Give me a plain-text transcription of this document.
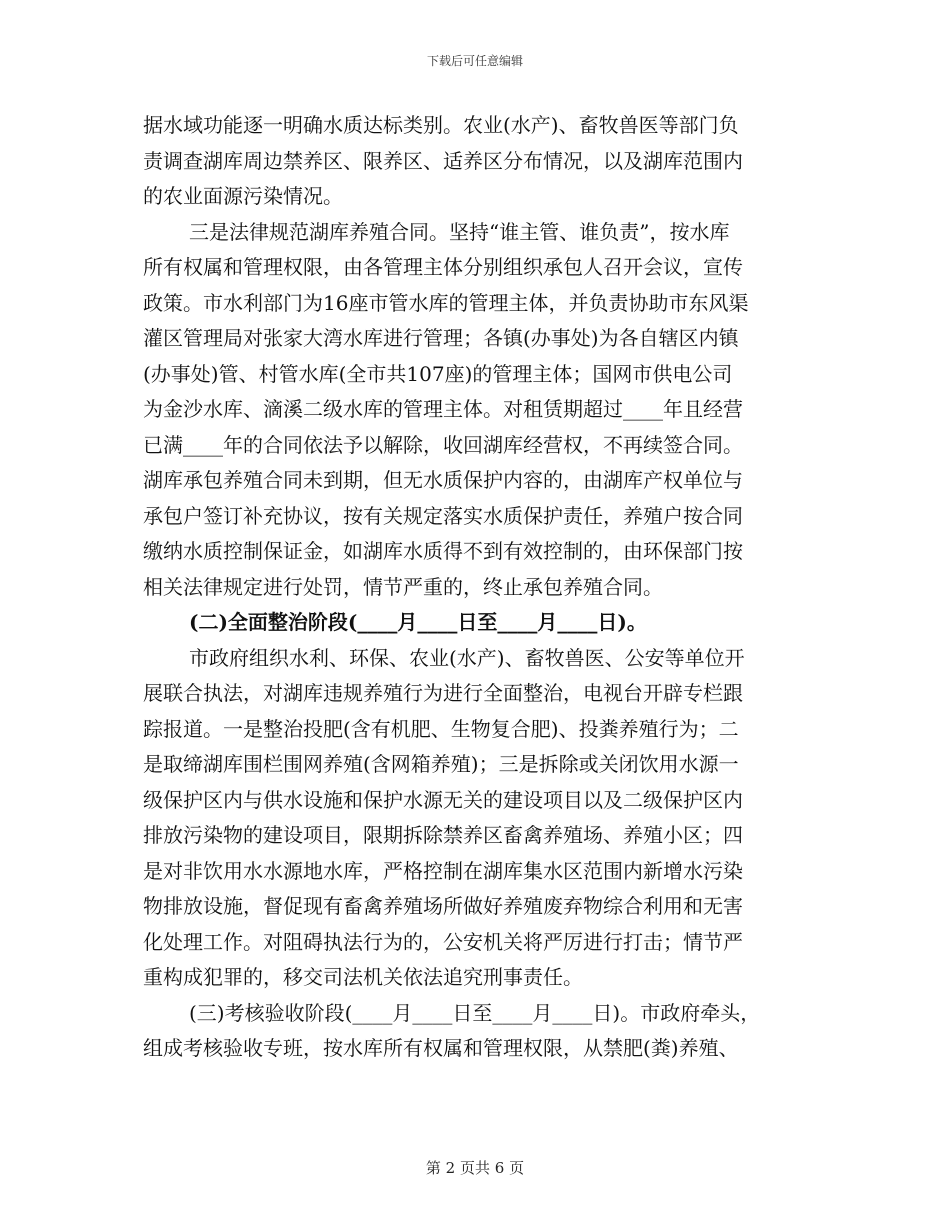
下载后可任意编辑
据水域功能逐一明确水质达标类别。农业(水产)、畜牧兽医等部门负
责调查湖库周边禁养区、限养区、适养区分布情况，以及湖库范围内
的农业面源污染情况。
三是法律规范湖库养殖合同。坚持“谁主管、谁负责”，按水库
所有权属和管理权限，由各管理主体分别组织承包人召开会议，宣传
政策。市水利部门为16座市管水库的管理主体，并负责协助市东风渠
灌区管理局对张家大湾水库进行管理；各镇(办事处)为各自辖区内镇
(办事处)管、村管水库(全市共107座)的管理主体；国网市供电公司
为金沙水库、滴溪二级水库的管理主体。对租赁期超过____年且经营
已满____年的合同依法予以解除，收回湖库经营权，不再续签合同。
湖库承包养殖合同未到期，但无水质保护内容的，由湖库产权单位与
承包户签订补充协议，按有关规定落实水质保护责任，养殖户按合同
缴纳水质控制保证金，如湖库水质得不到有效控制的，由环保部门按
相关法律规定进行处罚，情节严重的，终止承包养殖合同。
(二)全面整治阶段(____月____日至____月____日)。
市政府组织水利、环保、农业(水产)、畜牧兽医、公安等单位开
展联合执法，对湖库违规养殖行为进行全面整治，电视台开辟专栏跟
踪报道。一是整治投肥(含有机肥、生物复合肥)、投粪养殖行为；二
是取缔湖库围栏围网养殖(含网箱养殖)；三是拆除或关闭饮用水源一
级保护区内与供水设施和保护水源无关的建设项目以及二级保护区内
排放污染物的建设项目，限期拆除禁养区畜禽养殖场、养殖小区；四
是对非饮用水水源地水库，严格控制在湖库集水区范围内新增水污染
物排放设施，督促现有畜禽养殖场所做好养殖废弃物综合利用和无害
化处理工作。对阻碍执法行为的，公安机关将严厉进行打击；情节严
重构成犯罪的，移交司法机关依法追究刑事责任。
(三)考核验收阶段(____月____日至____月____日)。市政府牵头，
组成考核验收专班，按水库所有权属和管理权限，从禁肥(粪)养殖、
第 2 页共 6 页
